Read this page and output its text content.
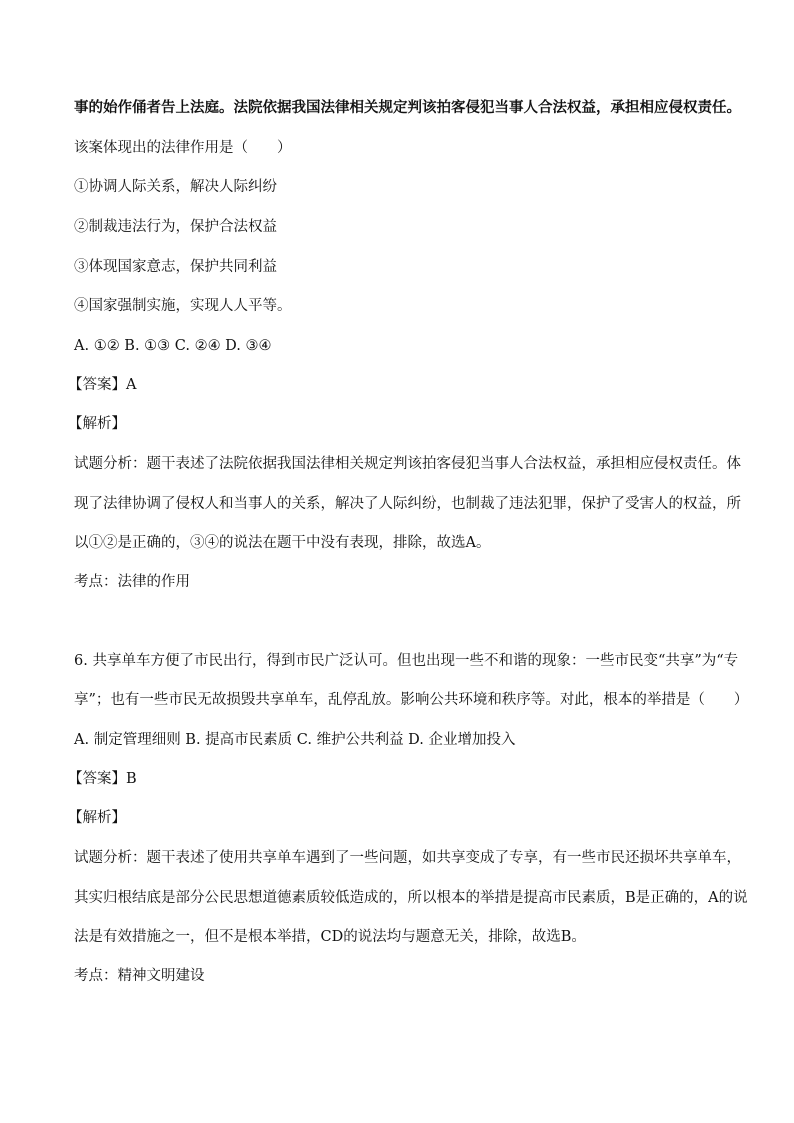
事的始作俑者告上法庭。法院依据我国法律相关规定判该拍客侵犯当事人合法权益，承担相应侵权责任。
该案体现出的法律作用是（　　）
①协调人际关系，解决人际纠纷
②制裁违法行为，保护合法权益
③体现国家意志，保护共同利益
④国家强制实施，实现人人平等。
A. ①② B. ①③ C. ②④ D. ③④
【答案】A
【解析】
试题分析：题干表述了法院依据我国法律相关规定判该拍客侵犯当事人合法权益，承担相应侵权责任。体
现了法律协调了侵权人和当事人的关系，解决了人际纠纷，也制裁了违法犯罪，保护了受害人的权益，所
以①②是正确的，③④的说法在题干中没有表现，排除，故选A。
考点：法律的作用
6. 共享单车方便了市民出行，得到市民广泛认可。但也出现一些不和谐的现象：一些市民变“共享”为“专
享”；也有一些市民无故损毁共享单车，乱停乱放。影响公共环境和秩序等。对此，根本的举措是（　　）
A. 制定管理细则 B. 提高市民素质 C. 维护公共利益 D. 企业增加投入
【答案】B
【解析】
试题分析：题干表述了使用共享单车遇到了一些问题，如共享变成了专享，有一些市民还损坏共享单车，
其实归根结底是部分公民思想道德素质较低造成的，所以根本的举措是提高市民素质，B是正确的，A的说
法是有效措施之一，但不是根本举措，CD的说法均与题意无关，排除，故选B。
考点：精神文明建设
